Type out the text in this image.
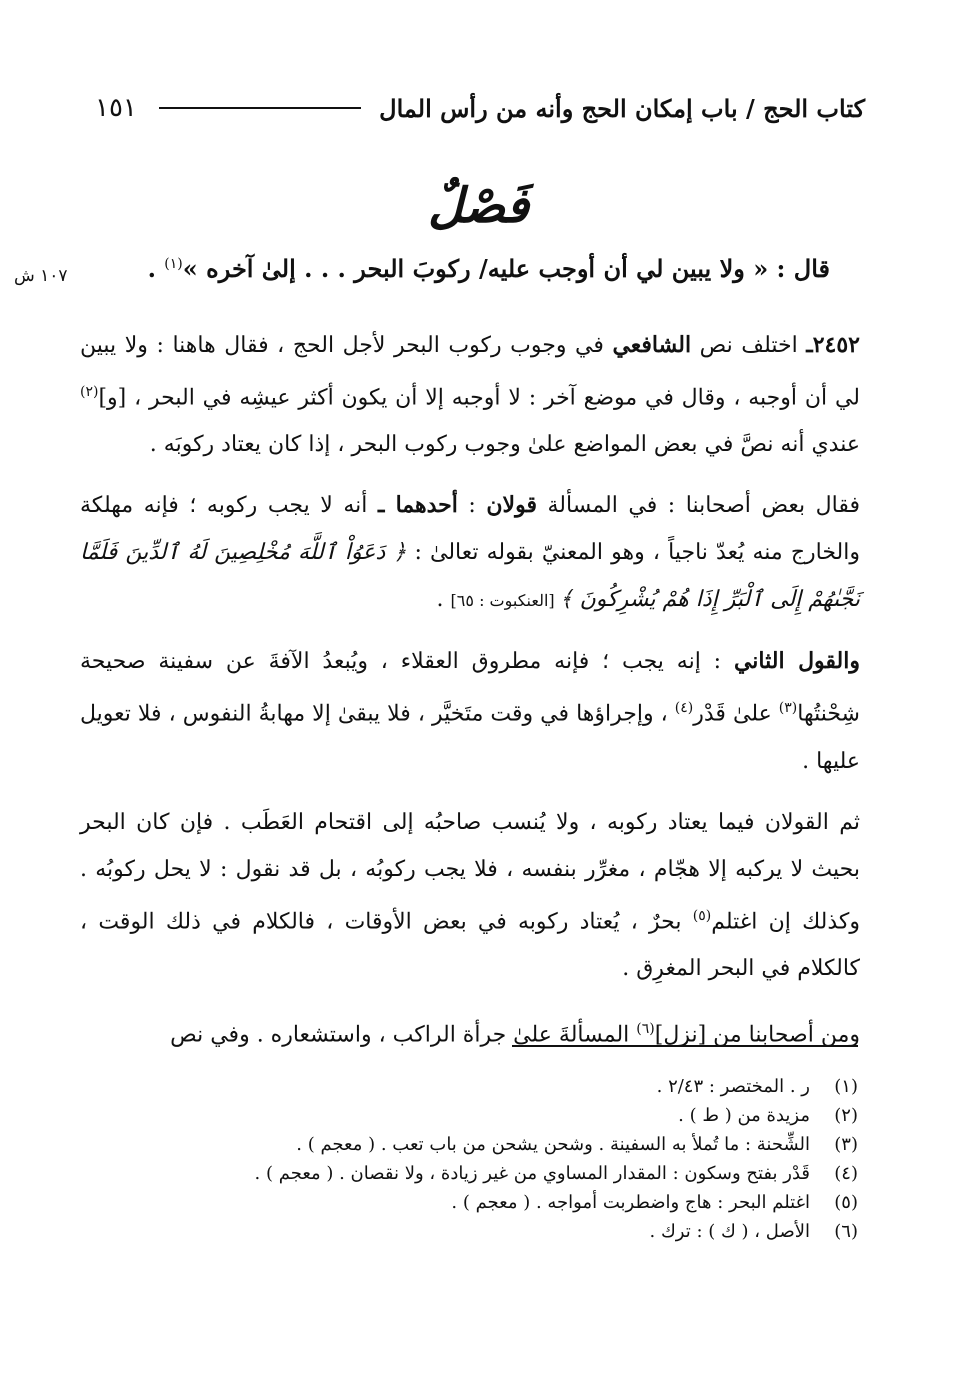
كتاب الحج / باب إمكان الحج وأنه من رأس المال
١٥١
فَصْلٌ
١٠٧ ش	قال : « ولا يبين لي أن أوجب عليه/ ركوبَ البحر . . . إلىٰ آخره »$^{(١)}$ .

٢٤٥٢ـ اختلف نص الشافعي في وجوب ركوب البحر لأجل الحج ، فقال هاهنا : ولا يبين لي أن أوجبه ، وقال في موضع آخر : لا أوجبه إلا أن يكون أكثر عيشِه في البحر ، [و]$^{(٢)}$ عندي أنه نصَّ في بعض المواضع علىٰ وجوب ركوب البحر ، إذا كان يعتاد ركوبَه .

فقال بعض أصحابنا : في المسألة قولان : أحدهما ـ أنه لا يجب ركوبه ؛ فإنه مهلكة والخارج منه يُعدّ ناجياً ، وهو المعنيّ بقوله تعالىٰ : ﴿ دَعَوُاْ ٱللَّهَ مُخْلِصِينَ لَهُ ٱلدِّينَ فَلَمَّا نَجَّىٰهُمْ إِلَى ٱلْبَرِّ إِذَا هُمْ يُشْرِكُونَ ﴾ [العنكبوت : ٦٥] .

والقول الثاني : إنه يجب ؛ فإنه مطروق العقلاء ، ويُبعدُ الآفةَ عن سفينة صحيحة شِحْنتُها$^{(٣)}$ علىٰ قَدْر$^{(٤)}$ ، وإجراؤها في وقت متَخيَّر ، فلا يبقىٰ إلا مهابةُ النفوس ، فلا تعويل عليها .

ثم القولان فيما يعتاد ركوبه ، ولا يُنسب صاحبُه إلى اقتحام العَطَب . فإن كان البحر بحيث لا يركبه إلا هجّام ، مغرِّر بنفسه ، فلا يجب ركوبُه ، بل قد نقول : لا يحل ركوبُه . وكذلك إن اغتلم$^{(٥)}$ بحرٌ ، يُعتاد ركوبه في بعض الأوقات ، فالكلام في ذلك الوقت ، كالكلام في البحر المغرِق .

ومن أصحابنا من [نزل]$^{(٦)}$ المسألةَ علىٰ جرأة الراكب ، واستشعاره . وفي نص

(١)
ر . المختصر : ٢/٤٣ .
(٢)
مزيدة من ( ط ) .
(٣)
الشِّحنة : ما تُملأ به السفينة . وشحن يشحن من باب تعب . ( معجم ) .
(٤)
قَدْر بفتح وسكون : المقدار المساوي من غير زيادة ، ولا نقصان . ( معجم ) .
(٥)
اغتلم البحر : هاج واضطربت أمواجه . ( معجم ) .
(٦)
الأصل ، ( ك ) : ترك .
